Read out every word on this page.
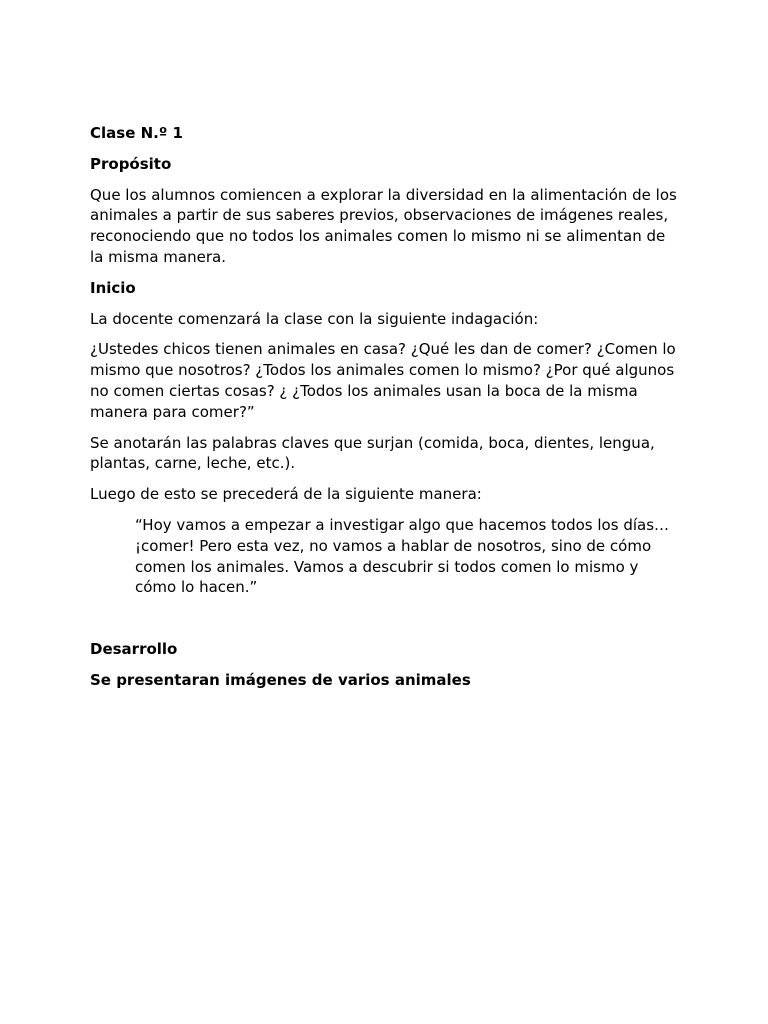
Clase N.º 1

Propósito

Que los alumnos comiencen a explorar la diversidad en la alimentación de los animales a partir de sus saberes previos, observaciones de imágenes reales, reconociendo que no todos los animales comen lo mismo ni se alimentan de la misma manera.

Inicio

La docente comenzará la clase con la siguiente indagación:

¿Ustedes chicos tienen animales en casa? ¿Qué les dan de comer? ¿Comen lo mismo que nosotros? ¿Todos los animales comen lo mismo? ¿Por qué algunos no comen ciertas cosas? ¿ ¿Todos los animales usan la boca de la misma manera para comer?”

Se anotarán las palabras claves que surjan (comida, boca, dientes, lengua, plantas, carne, leche, etc.).

Luego de esto se precederá de la siguiente manera:

“Hoy vamos a empezar a investigar algo que hacemos todos los días… ¡comer! Pero esta vez, no vamos a hablar de nosotros, sino de cómo comen los animales. Vamos a descubrir si todos comen lo mismo y cómo lo hacen.”

Desarrollo

Se presentaran imágenes de varios animales
